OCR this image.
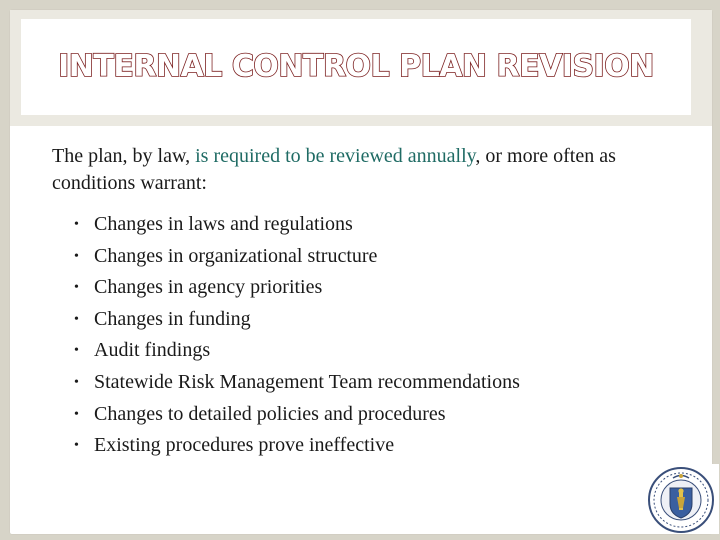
INTERNAL CONTROL PLAN REVISION
The plan, by law, is required to be reviewed annually, or more often as conditions warrant:
• Changes in laws and regulations
• Changes in organizational structure
• Changes in agency priorities
• Changes in funding
• Audit findings
• Statewide Risk Management Team recommendations
• Changes to detailed policies and procedures
• Existing procedures prove ineffective
